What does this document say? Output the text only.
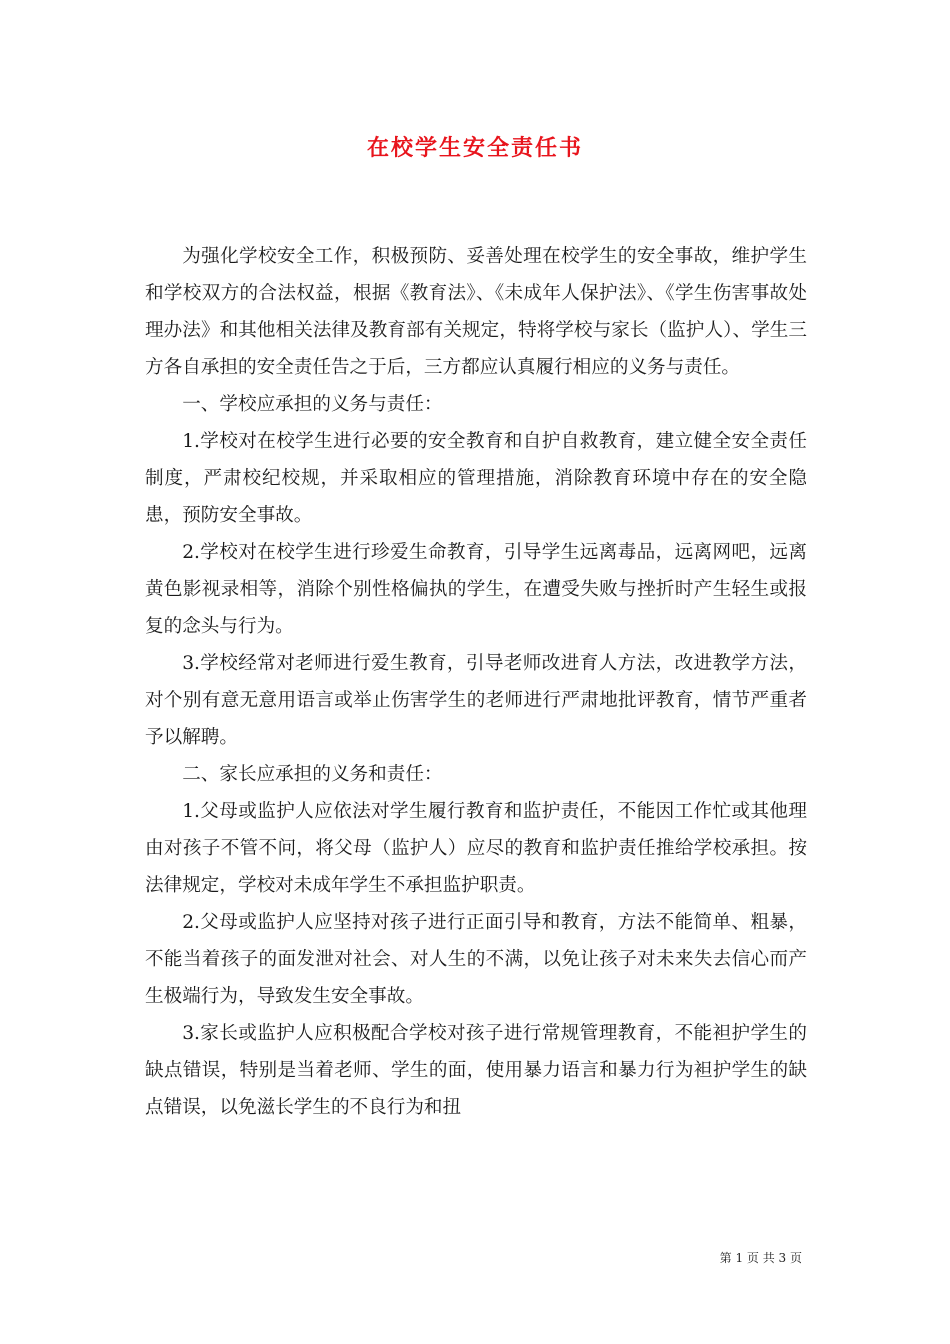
在校学生安全责任书

为强化学校安全工作，积极预防、妥善处理在校学生的安全事故，维护学生和学校双方的合法权益，根据《教育法》、《未成年人保护法》、《学生伤害事故处理办法》和其他相关法律及教育部有关规定，特将学校与家长（监护人）、学生三方各自承担的安全责任告之于后，三方都应认真履行相应的义务与责任。

一、学校应承担的义务与责任：

1.学校对在校学生进行必要的安全教育和自护自救教育，建立健全安全责任制度，严肃校纪校规，并采取相应的管理措施，消除教育环境中存在的安全隐患，预防安全事故。

2.学校对在校学生进行珍爱生命教育，引导学生远离毒品，远离网吧，远离黄色影视录相等，消除个别性格偏执的学生，在遭受失败与挫折时产生轻生或报复的念头与行为。

3.学校经常对老师进行爱生教育，引导老师改进育人方法，改进教学方法，对个别有意无意用语言或举止伤害学生的老师进行严肃地批评教育，情节严重者予以解聘。

二、家长应承担的义务和责任：

1.父母或监护人应依法对学生履行教育和监护责任，不能因工作忙或其他理由对孩子不管不问，将父母（监护人）应尽的教育和监护责任推给学校承担。按法律规定，学校对未成年学生不承担监护职责。

2.父母或监护人应坚持对孩子进行正面引导和教育，方法不能简单、粗暴，不能当着孩子的面发泄对社会、对人生的不满，以免让孩子对未来失去信心而产生极端行为，导致发生安全事故。

3.家长或监护人应积极配合学校对孩子进行常规管理教育，不能袒护学生的缺点错误，特别是当着老师、学生的面，使用暴力语言和暴力行为袒护学生的缺点错误，以免滋长学生的不良行为和扭

第 1 页 共 3 页
